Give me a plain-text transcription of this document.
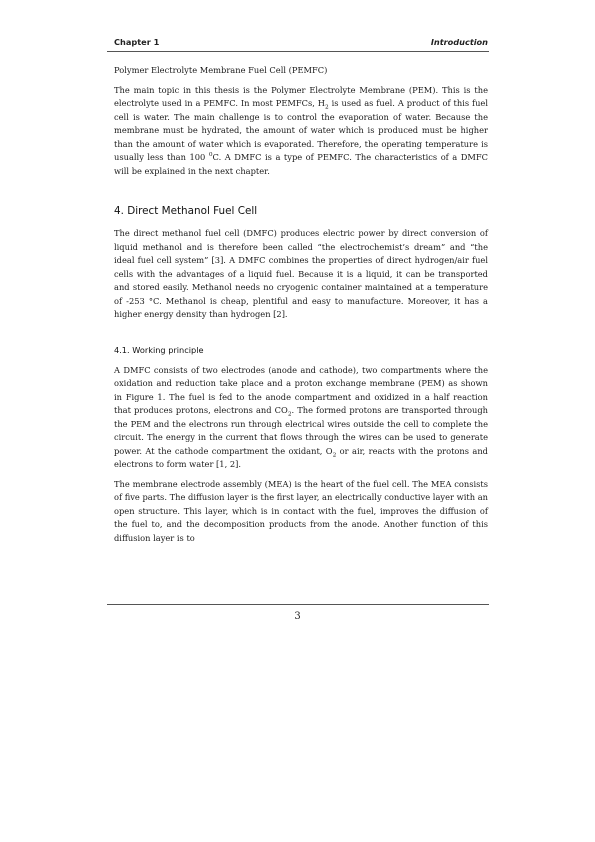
Chapter 1	Introduction

Polymer Electrolyte Membrane Fuel Cell (PEMFC)

The main topic in this thesis is the Polymer Electrolyte Membrane (PEM). This is the electrolyte used in a PEMFC. In most PEMFCs, $H_2$ is used as fuel. A product of this fuel cell is water. The main challenge is to control the evaporation of water. Because the membrane must be hydrated, the amount of water which is produced must be higher than the amount of water which is evaporated. Therefore, the operating temperature is usually less than 100 $^0$C. A DMFC is a type of PEMFC. The characteristics of a DMFC will be explained in the next chapter.

4. Direct Methanol Fuel Cell

The direct methanol fuel cell (DMFC) produces electric power by direct conversion of liquid methanol and is therefore been called “the electrochemist’s dream” and “the ideal fuel cell system” [3]. A DMFC combines the properties of direct hydrogen/air fuel cells with the advantages of a liquid fuel. Because it is a liquid, it can be transported and stored easily. Methanol needs no cryogenic container maintained at a temperature of -253 °C. Methanol is cheap, plentiful and easy to manufacture. Moreover, it has a higher energy density than hydrogen [2].

4.1. Working principle

A DMFC consists of two electrodes (anode and cathode), two compartments where the oxidation and reduction take place and a proton exchange membrane (PEM) as shown in Figure 1. The fuel is fed to the anode compartment and oxidized in a half reaction that produces protons, electrons and $CO_2$. The formed protons are transported through the PEM and the electrons run through electrical wires outside the cell to complete the circuit. The energy in the current that flows through the wires can be used to generate power. At the cathode compartment the oxidant, $O_2$ or air, reacts with the protons and electrons to form water [1, 2].

The membrane electrode assembly (MEA) is the heart of the fuel cell. The MEA consists of five parts. The diffusion layer is the first layer, an electrically conductive layer with an open structure. This layer, which is in contact with the fuel, improves the diffusion of the fuel to, and the decomposition products from the anode. Another function of this diffusion layer is to

3
